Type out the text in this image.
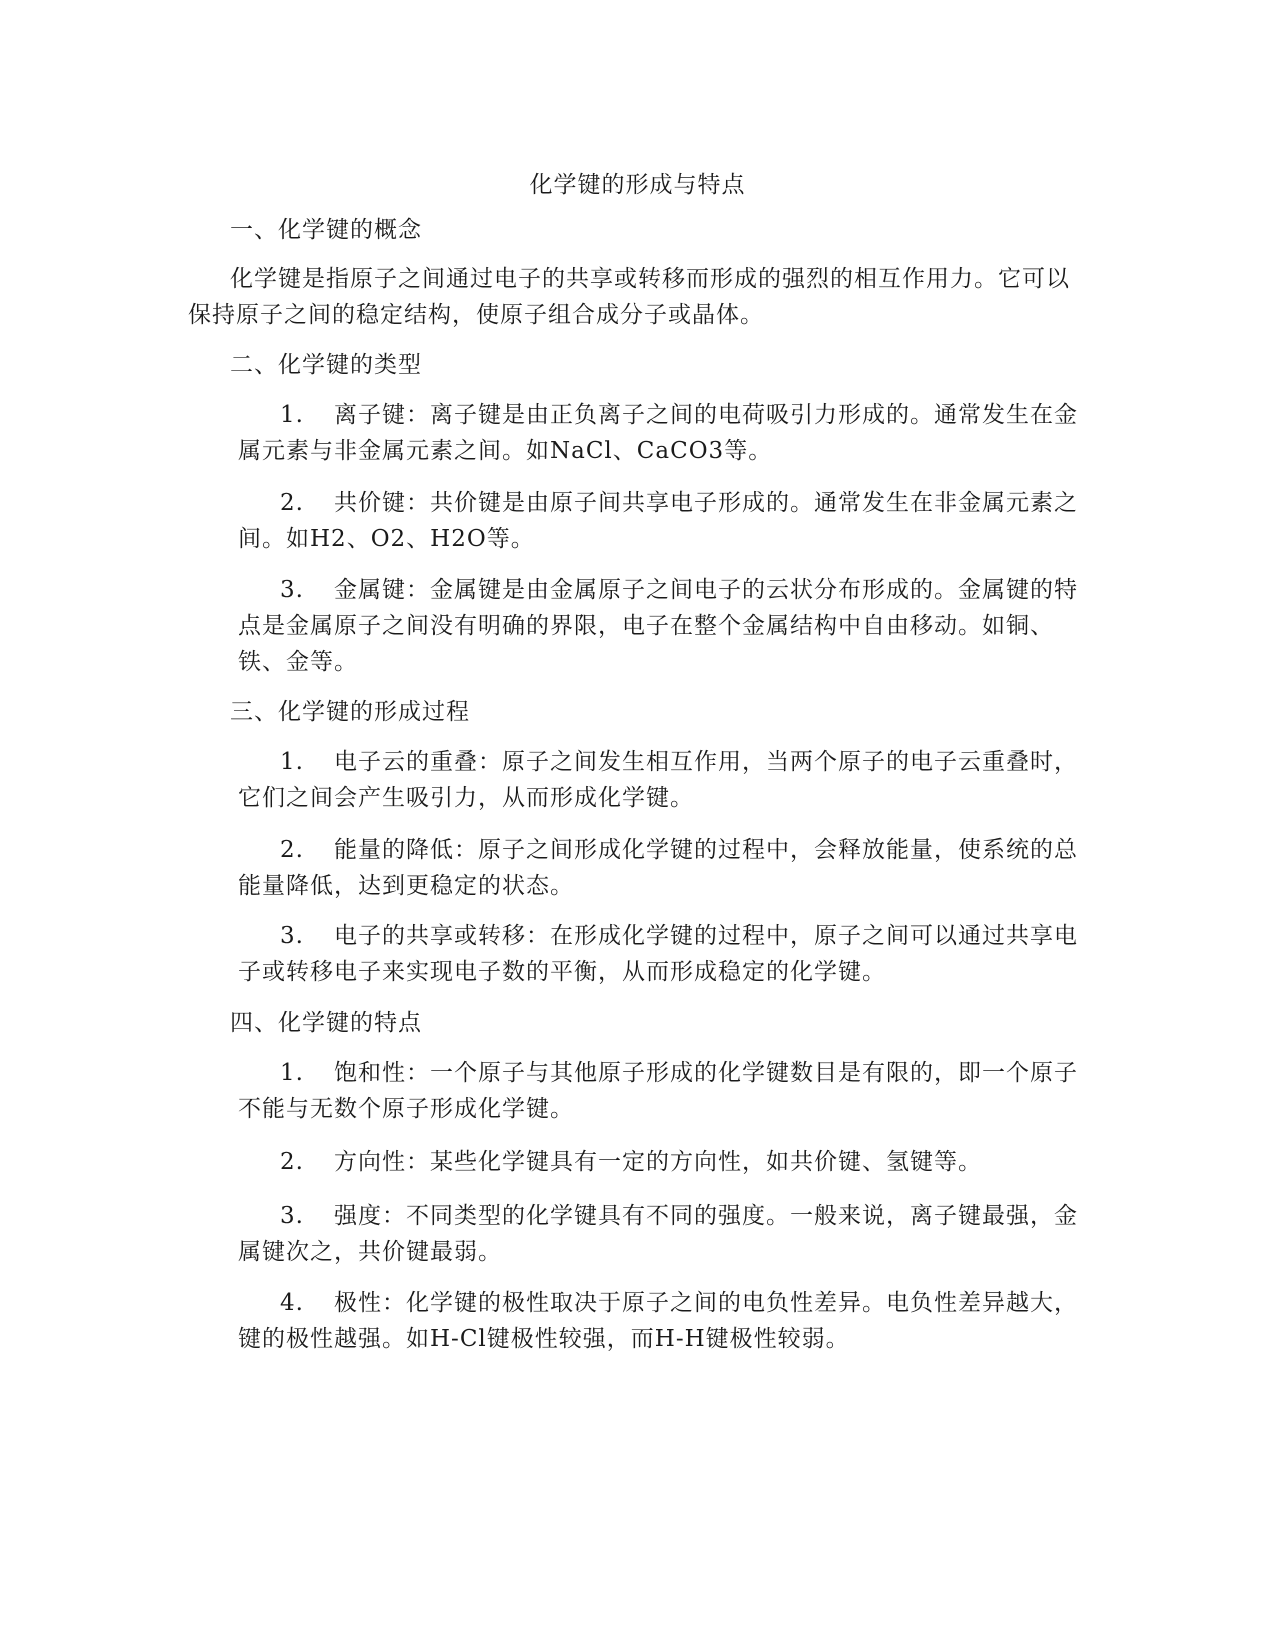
化学键的形成与特点
一、化学键的概念
化学键是指原子之间通过电子的共享或转移而形成的强烈的相互作用力。它可以保持原子之间的稳定结构，使原子组合成分子或晶体。
二、化学键的类型
1. 离子键：离子键是由正负离子之间的电荷吸引力形成的。通常发生在金属元素与非金属元素之间。如NaCl、CaCO3等。
2. 共价键：共价键是由原子间共享电子形成的。通常发生在非金属元素之间。如H2、O2、H2O等。
3. 金属键：金属键是由金属原子之间电子的云状分布形成的。金属键的特点是金属原子之间没有明确的界限，电子在整个金属结构中自由移动。如铜、铁、金等。
三、化学键的形成过程
1. 电子云的重叠：原子之间发生相互作用，当两个原子的电子云重叠时，它们之间会产生吸引力，从而形成化学键。
2. 能量的降低：原子之间形成化学键的过程中，会释放能量，使系统的总能量降低，达到更稳定的状态。
3. 电子的共享或转移：在形成化学键的过程中，原子之间可以通过共享电子或转移电子来实现电子数的平衡，从而形成稳定的化学键。
四、化学键的特点
1. 饱和性：一个原子与其他原子形成的化学键数目是有限的，即一个原子不能与无数个原子形成化学键。
2. 方向性：某些化学键具有一定的方向性，如共价键、氢键等。
3. 强度：不同类型的化学键具有不同的强度。一般来说，离子键最强，金属键次之，共价键最弱。
4. 极性：化学键的极性取决于原子之间的电负性差异。电负性差异越大，键的极性越强。如H-Cl键极性较强，而H-H键极性较弱。
